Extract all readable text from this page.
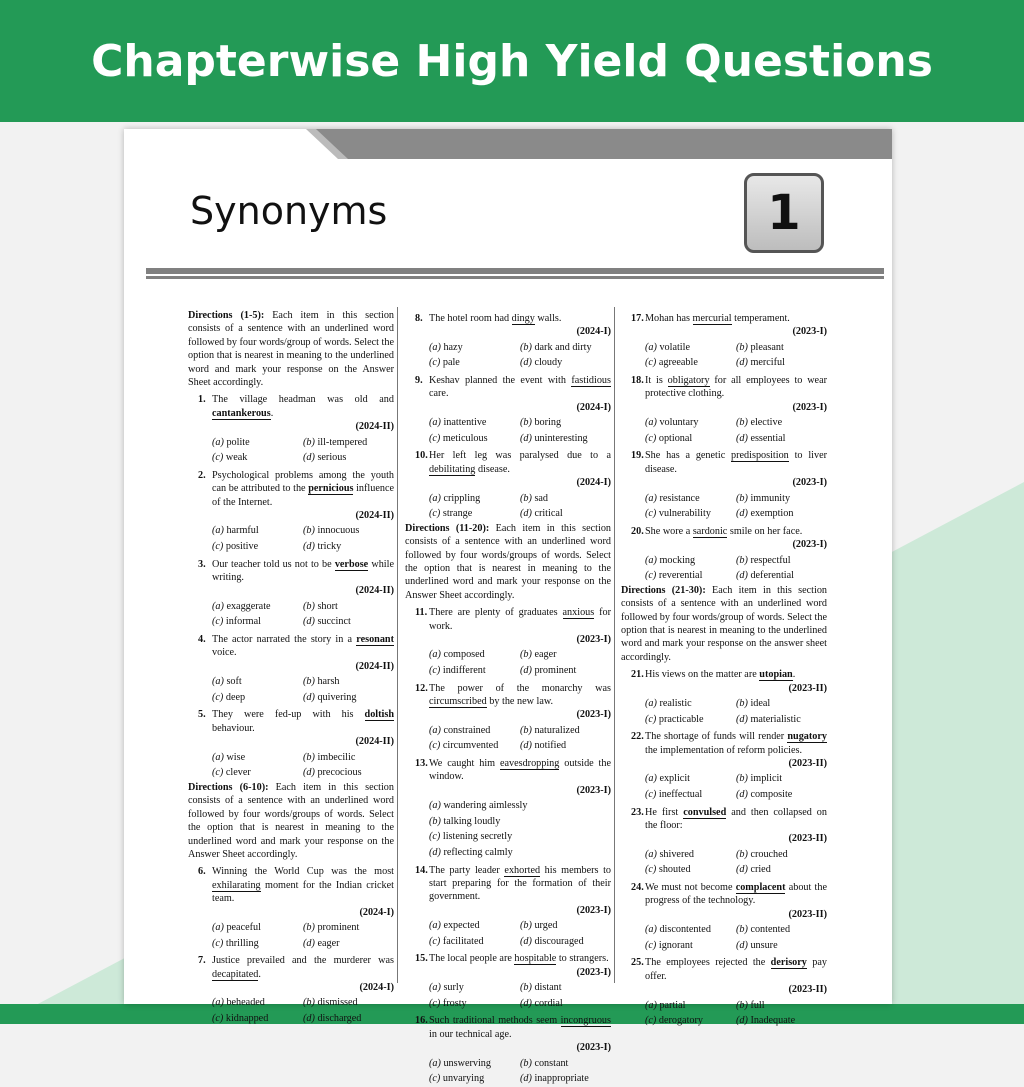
Chapterwise High Yield Questions
Synonyms	1
Directions (1-5): Each item in this section consists of a sentence with an underlined word followed by four words/group of words. Select the option that is nearest in meaning to the underlined word and mark your response on the Answer Sheet accordingly.
1. The village headman was old and cantankerous.
(2024-II)
(a) polite	(b) ill-tempered
(c) weak	(d) serious
2. Psychological problems among the youth can be attributed to the pernicious influence of the Internet.
(2024-II)
(a) harmful	(b) innocuous
(c) positive	(d) tricky
3. Our teacher told us not to be verbose while writing.
(2024-II)
(a) exaggerate	(b) short
(c) informal	(d) succinct
4. The actor narrated the story in a resonant voice.
(2024-II)
(a) soft	(b) harsh
(c) deep	(d) quivering
5. They were fed-up with his doltish behaviour.
(2024-II)
(a) wise	(b) imbecilic
(c) clever	(d) precocious
Directions (6-10): Each item in this section consists of a sentence with an underlined word followed by four words/groups of words. Select the option that is nearest in meaning to the underlined word and mark your response on the Answer Sheet accordingly.
6. Winning the World Cup was the most exhilarating moment for the Indian cricket team.
(2024-I)
(a) peaceful	(b) prominent
(c) thrilling	(d) eager
7. Justice prevailed and the murderer was decapitated.
(2024-I)
(a) beheaded	(b) dismissed
(c) kidnapped	(d) discharged
8. The hotel room had dingy walls.
(2024-I)
(a) hazy	(b) dark and dirty
(c) pale	(d) cloudy
9. Keshav planned the event with fastidious care.
(2024-I)
(a) inattentive	(b) boring
(c) meticulous	(d) uninteresting
10. Her left leg was paralysed due to a debilitating disease.
(2024-I)
(a) crippling	(b) sad
(c) strange	(d) critical
Directions (11-20): Each item in this section consists of a sentence with an underlined word followed by four words/groups of words. Select the option that is nearest in meaning to the underlined word and mark your response on the Answer Sheet accordingly.
11. There are plenty of graduates anxious for work.
(2023-I)
(a) composed	(b) eager
(c) indifferent	(d) prominent
12. The power of the monarchy was circumscribed by the new law.
(2023-I)
(a) constrained	(b) naturalized
(c) circumvented	(d) notified
13. We caught him eavesdropping outside the window.
(2023-I)
(a) wandering aimlessly
(b) talking loudly
(c) listening secretly
(d) reflecting calmly
14. The party leader exhorted his members to start preparing for the formation of their government.
(2023-I)
(a) expected	(b) urged
(c) facilitated	(d) discouraged
15. The local people are hospitable to strangers.
(2023-I)
(a) surly	(b) distant
(c) frosty	(d) cordial
16. Such traditional methods seem incongruous in our technical age.
(2023-I)
(a) unswerving	(b) constant
(c) unvarying	(d) inappropriate
17. Mohan has mercurial temperament.
(2023-I)
(a) volatile	(b) pleasant
(c) agreeable	(d) merciful
18. It is obligatory for all employees to wear protective clothing.
(2023-I)
(a) voluntary	(b) elective
(c) optional	(d) essential
19. She has a genetic predisposition to liver disease.
(2023-I)
(a) resistance	(b) immunity
(c) vulnerability	(d) exemption
20. She wore a sardonic smile on her face.
(2023-I)
(a) mocking	(b) respectful
(c) reverential	(d) deferential
Directions (21-30): Each item in this section consists of a sentence with an underlined word followed by four words/group of words. Select the option that is nearest in meaning to the underlined word and mark your response on the answer sheet accordingly.
21. His views on the matter are utopian.
(2023-II)
(a) realistic	(b) ideal
(c) practicable	(d) materialistic
22. The shortage of funds will render nugatory the implementation of reform policies.
(2023-II)
(a) explicit	(b) implicit
(c) ineffectual	(d) composite
23. He first convulsed and then collapsed on the floor:
(2023-II)
(a) shivered	(b) crouched
(c) shouted	(d) cried
24. We must not become complacent about the progress of the technology.
(2023-II)
(a) discontented	(b) contented
(c) ignorant	(d) unsure
25. The employees rejected the derisory pay offer.
(2023-II)
(a) partial	(b) full
(c) derogatory	(d) Inadequate
